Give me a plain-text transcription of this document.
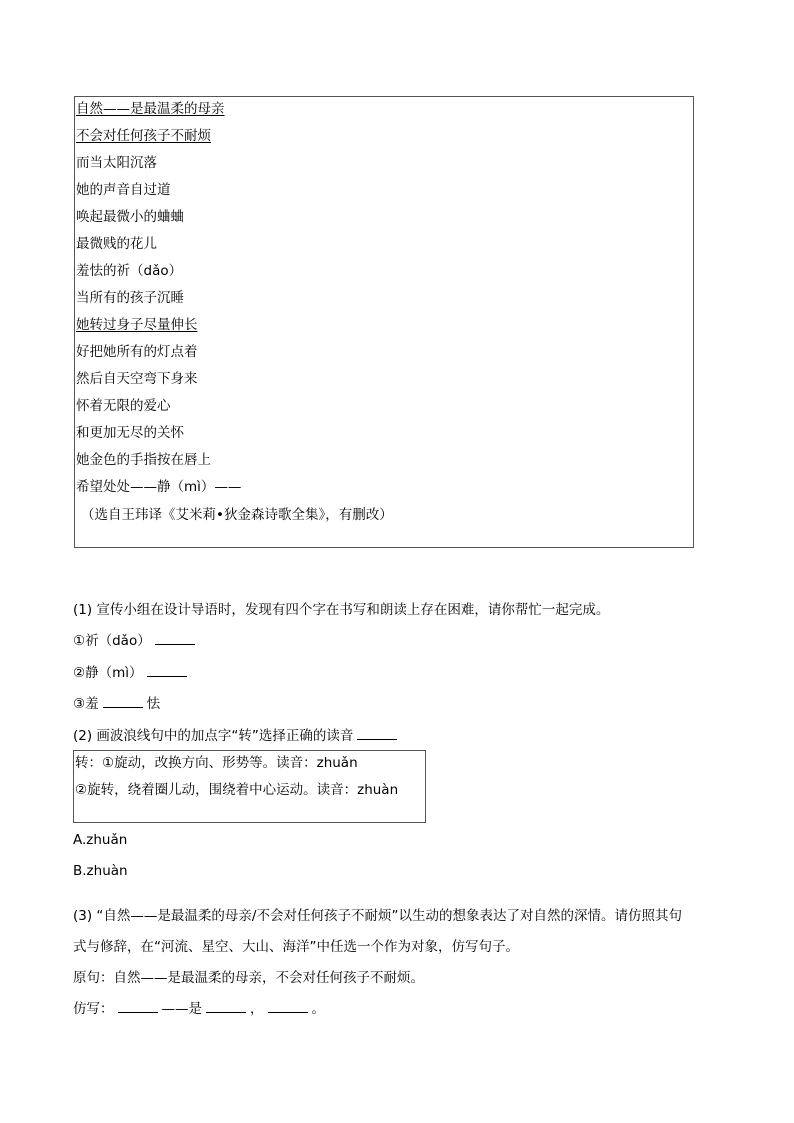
自然——是最温柔的母亲
不会对任何孩子不耐烦
而当太阳沉落
她的声音自过道
唤起最微小的蛐蛐
最微贱的花儿
羞怯的祈（dǎo）
当所有的孩子沉睡
她转过身子尽量伸长
好把她所有的灯点着
然后自天空弯下身来
怀着无限的爱心
和更加无尽的关怀
她金色的手指按在唇上
希望处处——静（mì）——
（选自王玮译《艾米莉•狄金森诗歌全集》，有删改）
(1) 宣传小组在设计导语时，发现有四个字在书写和朗读上存在困难，请你帮忙一起完成。
①祈（dǎo）
②静（mì）
③羞	怯
(2) 画波浪线句中的加点字“转”选择正确的读音
转：①旋动，改换方向、形势等。读音：zhuǎn
②旋转，绕着圈儿动，围绕着中心运动。读音：zhuàn
A.zhuǎn
B.zhuàn
(3) “自然——是最温柔的母亲/不会对任何孩子不耐烦”以生动的想象表达了对自然的深情。请仿照其句
式与修辞，在“河流、星空、大山、海洋”中任选一个作为对象，仿写句子。
原句：自然——是最温柔的母亲，不会对任何孩子不耐烦。
仿写：	——是	，	。
